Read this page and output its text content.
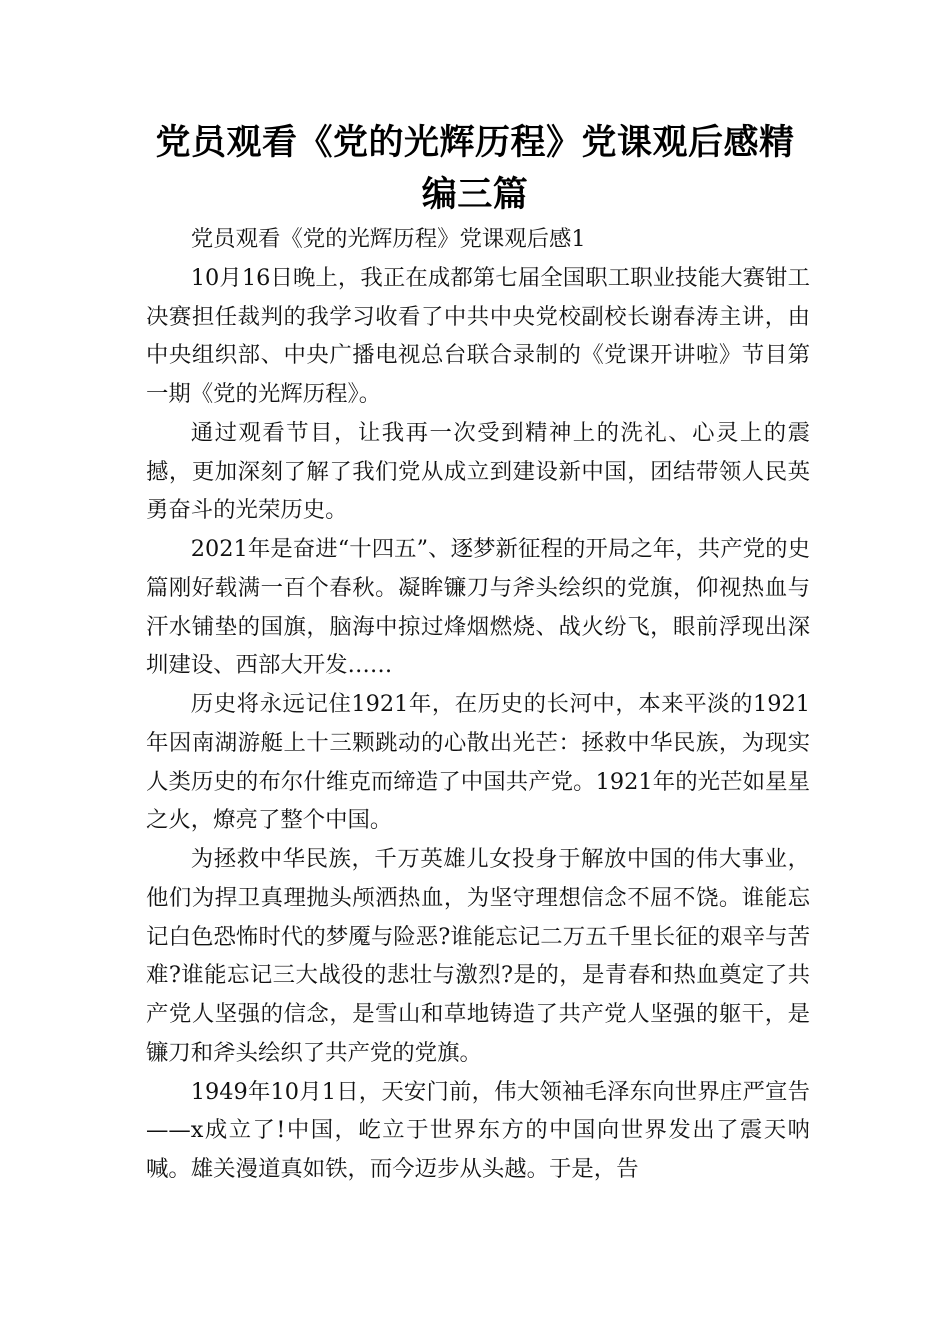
党员观看《党的光辉历程》党课观后感精编三篇

党员观看《党的光辉历程》党课观后感1

10月16日晚上，我正在成都第七届全国职工职业技能大赛钳工决赛担任裁判的我学习收看了中共中央党校副校长谢春涛主讲，由中央组织部、中央广播电视总台联合录制的《党课开讲啦》节目第一期《党的光辉历程》。

通过观看节目，让我再一次受到精神上的洗礼、心灵上的震撼，更加深刻了解了我们党从成立到建设新中国，团结带领人民英勇奋斗的光荣历史。

2021年是奋进“十四五”、逐梦新征程的开局之年，共产党的史篇刚好载满一百个春秋。凝眸镰刀与斧头绘织的党旗，仰视热血与汗水铺垫的国旗，脑海中掠过烽烟燃烧、战火纷飞，眼前浮现出深圳建设、西部大开发……

历史将永远记住1921年，在历史的长河中，本来平淡的1921年因南湖游艇上十三颗跳动的心散出光芒：拯救中华民族，为现实人类历史的布尔什维克而缔造了中国共产党。1921年的光芒如星星之火，燎亮了整个中国。

为拯救中华民族，千万英雄儿女投身于解放中国的伟大事业，他们为捍卫真理抛头颅洒热血，为坚守理想信念不屈不饶。谁能忘记白色恐怖时代的梦魇与险恶?谁能忘记二万五千里长征的艰辛与苦难?谁能忘记三大战役的悲壮与激烈?是的，是青春和热血奠定了共产党人坚强的信念，是雪山和草地铸造了共产党人坚强的躯干，是镰刀和斧头绘织了共产党的党旗。

1949年10月1日，天安门前，伟大领袖毛泽东向世界庄严宣告——x成立了!中国，屹立于世界东方的中国向世界发出了震天呐喊。雄关漫道真如铁，而今迈步从头越。于是，告
